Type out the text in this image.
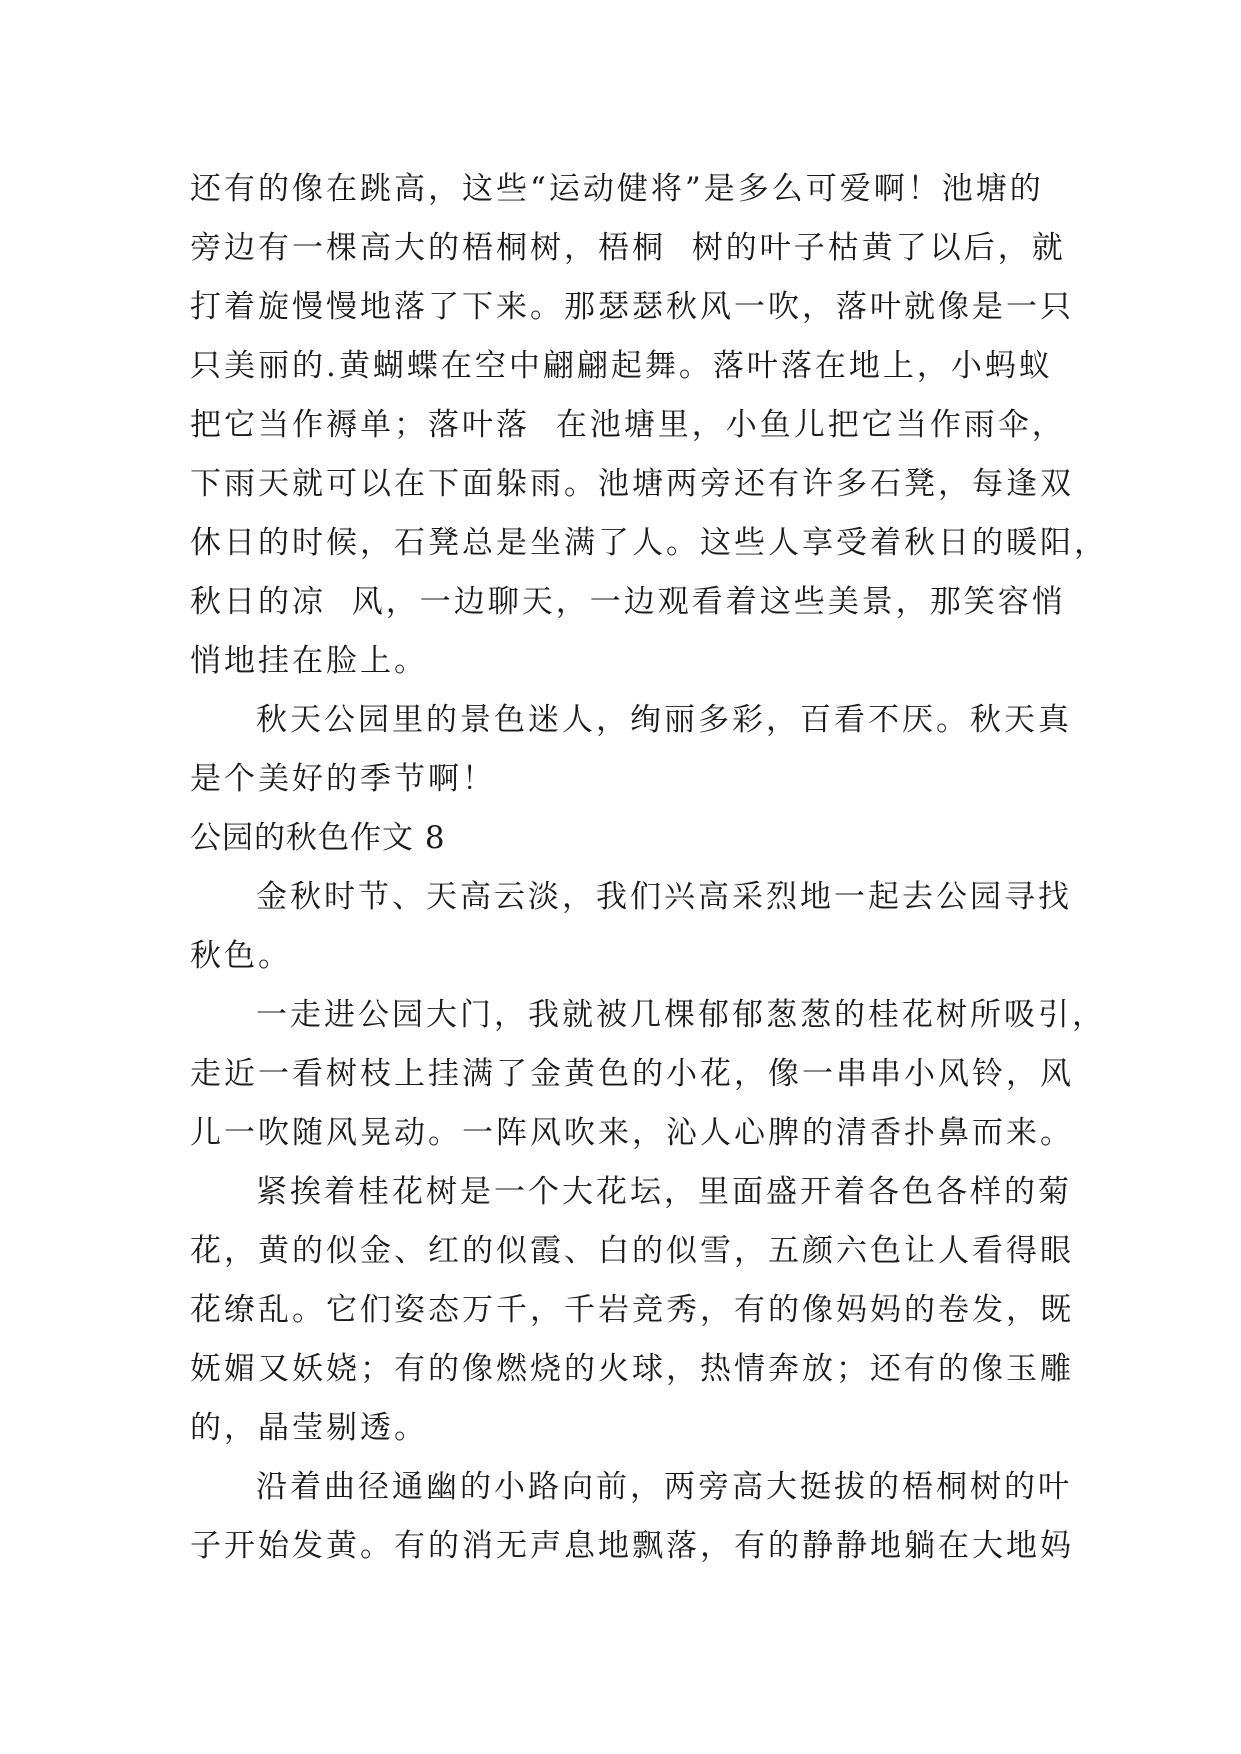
还有的像在跳高，这些“运动健将”是多么可爱啊！池塘的
旁边有一棵高大的梧桐树，梧桐  树的叶子枯黄了以后，就
打着旋慢慢地落了下来。那瑟瑟秋风一吹，落叶就像是一只
只美丽的.黄蝴蝶在空中翩翩起舞。落叶落在地上，小蚂蚁
把它当作褥单；落叶落  在池塘里，小鱼儿把它当作雨伞，
下雨天就可以在下面躲雨。池塘两旁还有许多石凳，每逢双
休日的时候，石凳总是坐满了人。这些人享受着秋日的暖阳，
秋日的凉  风，一边聊天，一边观看着这些美景，那笑容悄
悄地挂在脸上。
秋天公园里的景色迷人，绚丽多彩，百看不厌。秋天真
是个美好的季节啊！
公园的秋色作文 8
金秋时节、天高云淡，我们兴高采烈地一起去公园寻找
秋色。
一走进公园大门，我就被几棵郁郁葱葱的桂花树所吸引，
走近一看树枝上挂满了金黄色的小花，像一串串小风铃，风
儿一吹随风晃动。一阵风吹来，沁人心脾的清香扑鼻而来。
紧挨着桂花树是一个大花坛，里面盛开着各色各样的菊
花，黄的似金、红的似霞、白的似雪，五颜六色让人看得眼
花缭乱。它们姿态万千，千岩竞秀，有的像妈妈的卷发，既
妩媚又妖娆；有的像燃烧的火球，热情奔放；还有的像玉雕
的，晶莹剔透。
沿着曲径通幽的小路向前，两旁高大挺拔的梧桐树的叶
子开始发黄。有的消无声息地飘落，有的静静地躺在大地妈
